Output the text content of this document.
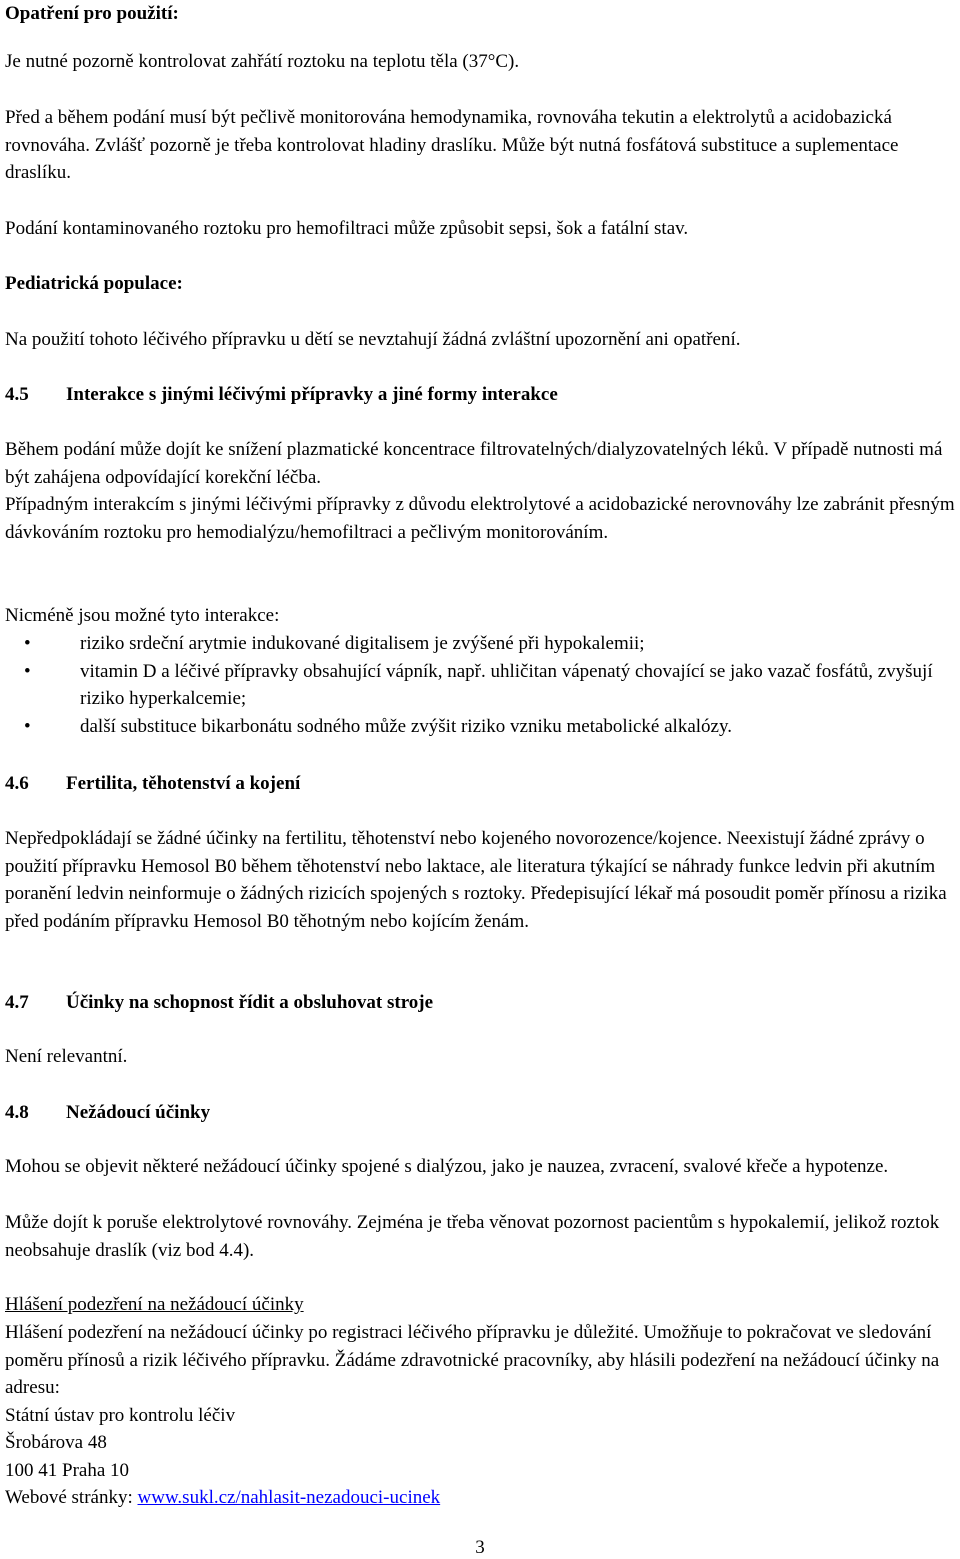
Opatření pro použití:

Je nutné pozorně kontrolovat zahřátí roztoku na teplotu těla (37°C).

Před a během podání musí být pečlivě monitorována hemodynamika, rovnováha tekutin a elektrolytů a acidobazická rovnováha. Zvlášť pozorně je třeba kontrolovat hladiny draslíku. Může být nutná fosfátová substituce a suplementace draslíku.

Podání kontaminovaného roztoku pro hemofiltraci může způsobit sepsi, šok a fatální stav.

Pediatrická populace:

Na použití tohoto léčivého přípravku u dětí se nevztahují žádná zvláštní upozornění ani opatření.

4.5 Interakce s jinými léčivými přípravky a jiné formy interakce

Během podání může dojít ke snížení plazmatické koncentrace filtrovatelných/dialyzovatelných léků. V případě nutnosti má být zahájena odpovídající korekční léčba.

Případným interakcím s jinými léčivými přípravky z důvodu elektrolytové a acidobazické nerovnováhy lze zabránit přesným dávkováním roztoku pro hemodialýzu/hemofiltraci a pečlivým monitorováním.

Nicméně jsou možné tyto interakce:

•	riziko srdeční arytmie indukované digitalisem je zvýšené při hypokalemii;
•	vitamin D a léčivé přípravky obsahující vápník, např. uhličitan vápenatý chovající se jako vazač fosfátů, zvyšují riziko hyperkalcemie;
•	další substituce bikarbonátu sodného může zvýšit riziko vzniku metabolické alkalózy.
4.6 Fertilita, těhotenství a kojení

Nepředpokládají se žádné účinky na fertilitu, těhotenství nebo kojeného novorozence/kojence. Neexistují žádné zprávy o použití přípravku Hemosol B0 během těhotenství nebo laktace, ale literatura týkající se náhrady funkce ledvin při akutním poranění ledvin neinformuje o žádných rizicích spojených s roztoky. Předepisující lékař má posoudit poměr přínosu a rizika před podáním přípravku Hemosol B0 těhotným nebo kojícím ženám.

4.7 Účinky na schopnost řídit a obsluhovat stroje

Není relevantní.

4.8 Nežádoucí účinky

Mohou se objevit některé nežádoucí účinky spojené s dialýzou, jako je nauzea, zvracení, svalové křeče a hypotenze.

Může dojít k poruše elektrolytové rovnováhy. Zejména je třeba věnovat pozornost pacientům s hypokalemií, jelikož roztok neobsahuje draslík (viz bod 4.4).

Hlášení podezření na nežádoucí účinky

Hlášení podezření na nežádoucí účinky po registraci léčivého přípravku je důležité. Umožňuje to pokračovat ve sledování poměru přínosů a rizik léčivého přípravku. Žádáme zdravotnické pracovníky, aby hlásili podezření na nežádoucí účinky na adresu:

Státní ústav pro kontrolu léčiv

Šrobárova 48

100 41 Praha 10

Webové stránky: www.sukl.cz/nahlasit-nezadouci-ucinek

3
